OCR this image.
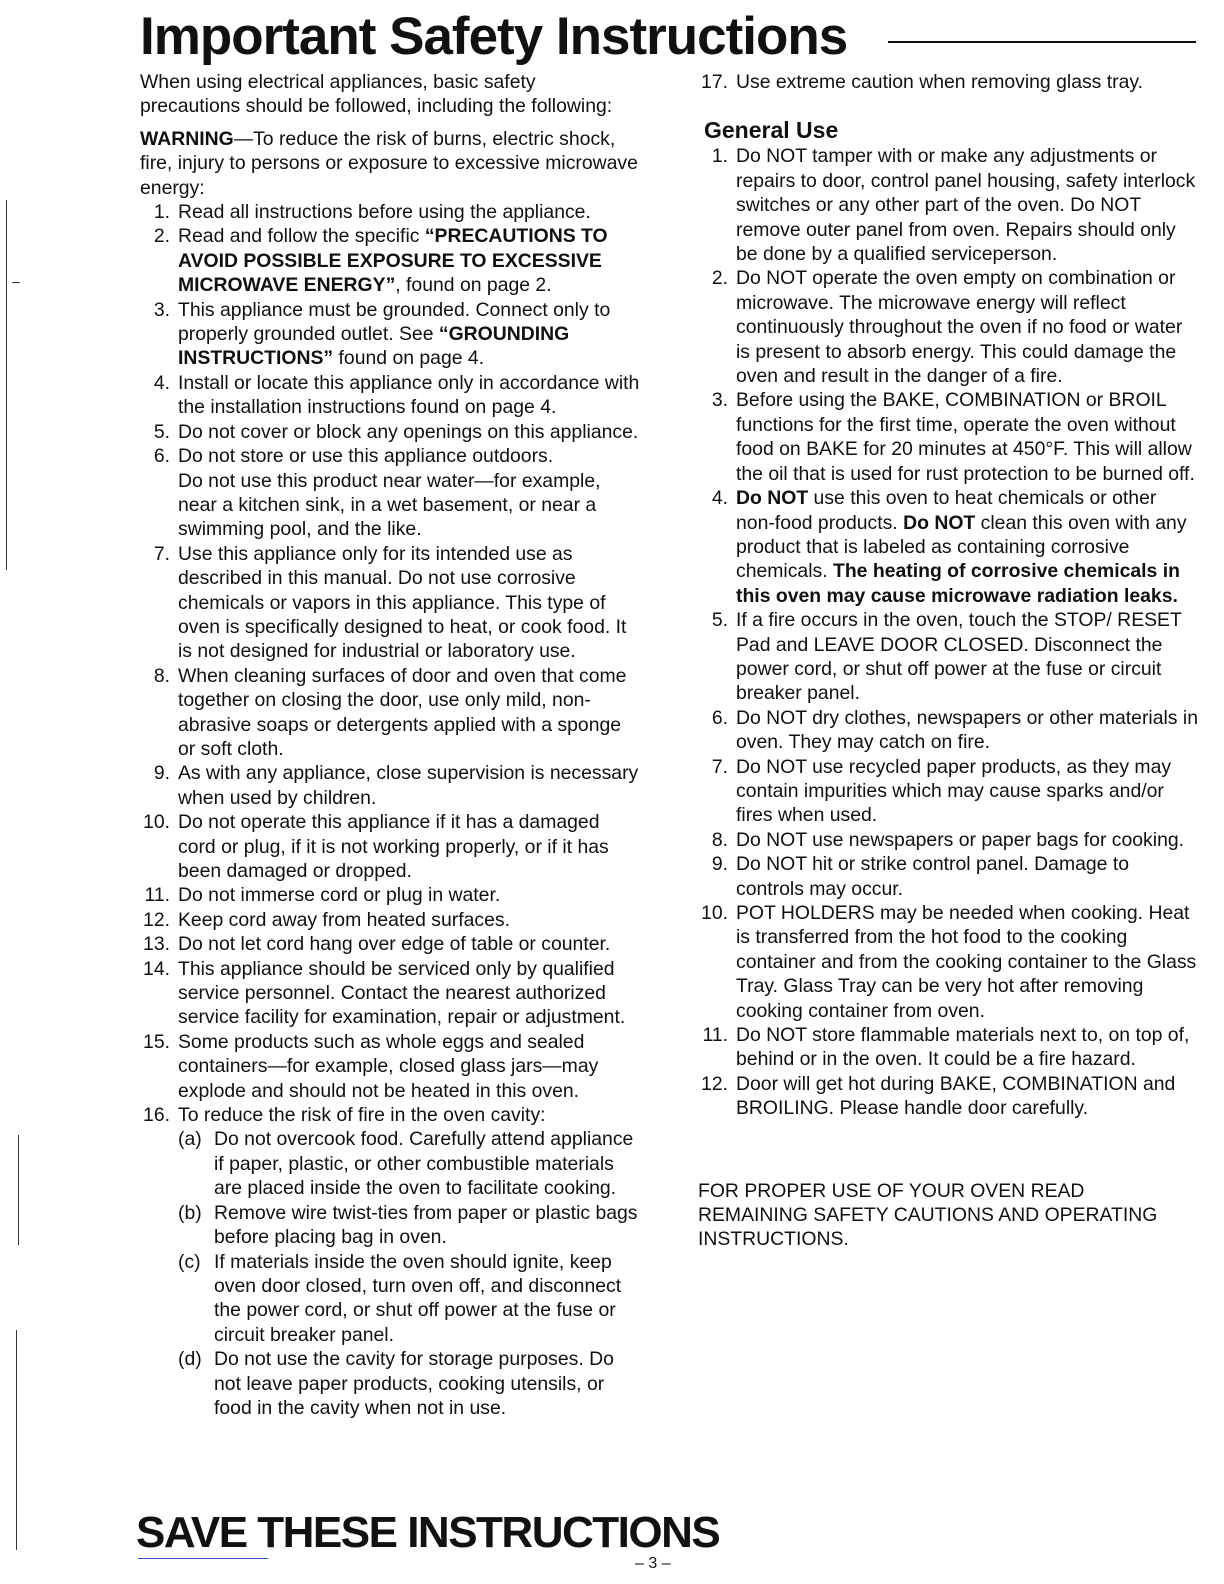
Important Safety Instructions

When using electrical appliances, basic safety precautions should be followed, including the following:

WARNING—To reduce the risk of burns, electric shock, fire, injury to persons or exposure to excessive microwave energy:

1. Read all instructions before using the appliance.
2. Read and follow the specific “PRECAUTIONS TO AVOID POSSIBLE EXPOSURE TO EXCESSIVE MICROWAVE ENERGY”, found on page 2.
3. This appliance must be grounded. Connect only to properly grounded outlet. See “GROUNDING INSTRUCTIONS” found on page 4.
4. Install or locate this appliance only in accordance with the installation instructions found on page 4.
5. Do not cover or block any openings on this appliance.
6. Do not store or use this appliance outdoors.
Do not use this product near water—for example, near a kitchen sink, in a wet basement, or near a swimming pool, and the like.
7. Use this appliance only for its intended use as described in this manual. Do not use corrosive chemicals or vapors in this appliance. This type of oven is specifically designed to heat, or cook food. It is not designed for industrial or laboratory use.
8. When cleaning surfaces of door and oven that come together on closing the door, use only mild, non-abrasive soaps or detergents applied with a sponge or soft cloth.
9. As with any appliance, close supervision is necessary when used by children.
10. Do not operate this appliance if it has a damaged cord or plug, if it is not working properly, or if it has been damaged or dropped.
11. Do not immerse cord or plug in water.
12. Keep cord away from heated surfaces.
13. Do not let cord hang over edge of table or counter.
14. This appliance should be serviced only by qualified service personnel. Contact the nearest authorized service facility for examination, repair or adjustment.
15. Some products such as whole eggs and sealed containers—for example, closed glass jars—may explode and should not be heated in this oven.
16. To reduce the risk of fire in the oven cavity:
(a) Do not overcook food. Carefully attend appliance if paper, plastic, or other combustible materials are placed inside the oven to facilitate cooking.
(b) Remove wire twist-ties from paper or plastic bags before placing bag in oven.
(c) If materials inside the oven should ignite, keep oven door closed, turn oven off, and disconnect the power cord, or shut off power at the fuse or circuit breaker panel.
(d) Do not use the cavity for storage purposes. Do not leave paper products, cooking utensils, or food in the cavity when not in use.
17. Use extreme caution when removing glass tray.
General Use
1. Do NOT tamper with or make any adjustments or repairs to door, control panel housing, safety interlock switches or any other part of the oven. Do NOT remove outer panel from oven. Repairs should only be done by a qualified serviceperson.
2. Do NOT operate the oven empty on combination or microwave. The microwave energy will reflect continuously throughout the oven if no food or water is present to absorb energy. This could damage the oven and result in the danger of a fire.
3. Before using the BAKE, COMBINATION or BROIL functions for the first time, operate the oven without food on BAKE for 20 minutes at 450°F. This will allow the oil that is used for rust protection to be burned off.
4. Do NOT use this oven to heat chemicals or other non-food products. Do NOT clean this oven with any product that is labeled as containing corrosive chemicals. The heating of corrosive chemicals in this oven may cause microwave radiation leaks.
5. If a fire occurs in the oven, touch the STOP/ RESET Pad and LEAVE DOOR CLOSED. Disconnect the power cord, or shut off power at the fuse or circuit breaker panel.
6. Do NOT dry clothes, newspapers or other materials in oven. They may catch on fire.
7. Do NOT use recycled paper products, as they may contain impurities which may cause sparks and/or fires when used.
8. Do NOT use newspapers or paper bags for cooking.
9. Do NOT hit or strike control panel. Damage to controls may occur.
10. POT HOLDERS may be needed when cooking. Heat is transferred from the hot food to the cooking container and from the cooking container to the Glass Tray. Glass Tray can be very hot after removing cooking container from oven.
11. Do NOT store flammable materials next to, on top of, behind or in the oven. It could be a fire hazard.
12. Door will get hot during BAKE, COMBINATION and BROILING. Please handle door carefully.

FOR PROPER USE OF YOUR OVEN READ REMAINING SAFETY CAUTIONS AND OPERATING INSTRUCTIONS.

SAVE THESE INSTRUCTIONS
– 3 –
